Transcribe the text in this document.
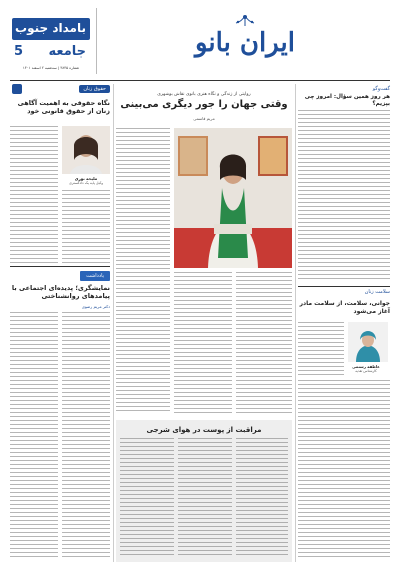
بامداد جنوب
جامعه
5
شماره ۳۸۴۵ | سه‌شنبه ۲ اسفند ۱۴۰۱
ایران بانو
حقوق زنان
نگاه حقوقی به اهمیت آگاهی زنان از حقوق قانونی خود
ملیحه نوری
وکیل پایه یک دادگستری
یادداشت
نمایشگری؛ پدیده‌ای اجتماعی با پیامدهای روانشناختی
دکتر مریم رضوی
روایتی از زندگی و نگاه هنری بانوی نقاش بوشهری
وقتی جهان را جور دیگری می‌بینی
مریم قاسمی
مراقبت از پوست در هوای شرجی
گفت‌و‌گو
هر روز همین سؤال: امروز چی بپزیم؟
سلامت زنان
جوانی، سلامت، از سلامت مادر آغاز می‌شود
عاطفه رستمی
کارشناس تغذیه
